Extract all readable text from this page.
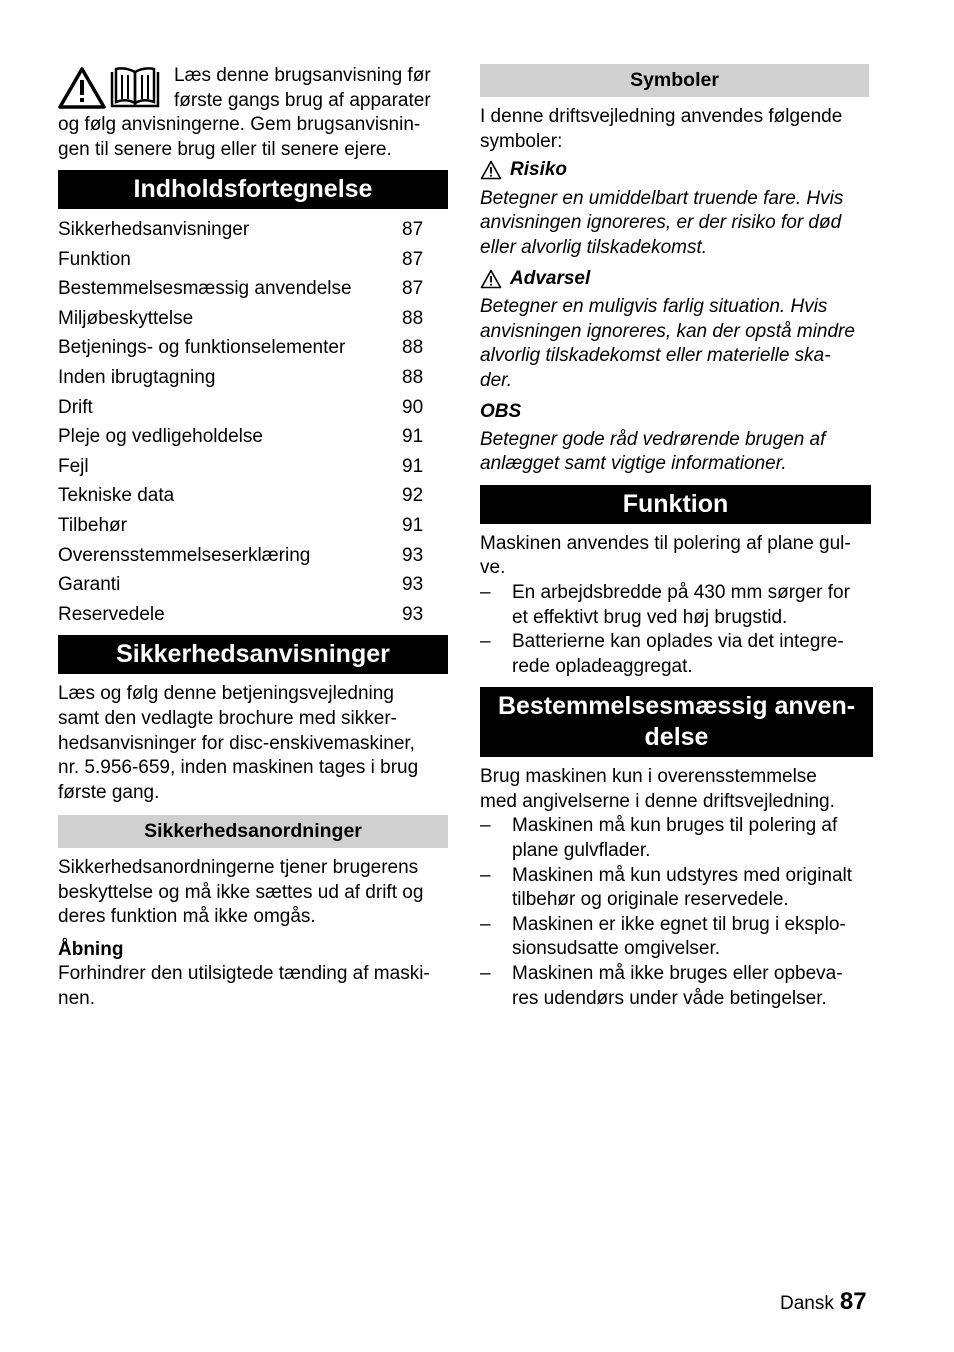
Læs denne brugsanvisning før

første gangs brug af apparater

og følg anvisningerne. Gem brugsanvisnin-

gen til senere brug eller til senere ejere.

Indholdsfortegnelse
Sikkerhedsanvisninger	87
Funktion	87
Bestemmelsesmæssig anvendelse	87
Miljøbeskyttelse	88
Betjenings- og funktionselementer	88
Inden ibrugtagning	88
Drift	90
Pleje og vedligeholdelse	91
Fejl	91
Tekniske data	92
Tilbehør	91
Overensstemmelseserklæring	93
Garanti	93
Reservedele	93
Sikkerhedsanvisninger

Læs og følg denne betjeningsvejledning

samt den vedlagte brochure med sikker-

hedsanvisninger for disc-enskivemaskiner,

nr. 5.956-659, inden maskinen tages i brug

første gang.

Sikkerhedsanordninger

Sikkerhedsanordningerne tjener brugerens

beskyttelse og må ikke sættes ud af drift og

deres funktion må ikke omgås.

Åbning

Forhindrer den utilsigtede tænding af maski-

nen.

Symboler

I denne driftsvejledning anvendes følgende

symboler:

Risiko

Betegner en umiddelbart truende fare. Hvis

anvisningen ignoreres, er der risiko for død

eller alvorlig tilskadekomst.

Advarsel

Betegner en muligvis farlig situation. Hvis

anvisningen ignoreres, kan der opstå mindre

alvorlig tilskadekomst eller materielle ska-

der.

OBS

Betegner gode råd vedrørende brugen af

anlægget samt vigtige informationer.

Funktion

Maskinen anvendes til polering af plane gul-

ve.

– En arbejdsbredde på 430 mm sørger for
et effektivt brug ved høj brugstid.
– Batterierne kan oplades via det integre-
rede opladeaggregat.
Bestemmelsesmæssig anven-
delse

Brug maskinen kun i overensstemmelse

med angivelserne i denne driftsvejledning.

– Maskinen må kun bruges til polering af
plane gulvflader.
– Maskinen må kun udstyres med originalt
tilbehør og originale reservedele.
– Maskinen er ikke egnet til brug i eksplo-
sionsudsatte omgivelser.
– Maskinen må ikke bruges eller opbeva-
res udendørs under våde betingelser.
Dansk 87
